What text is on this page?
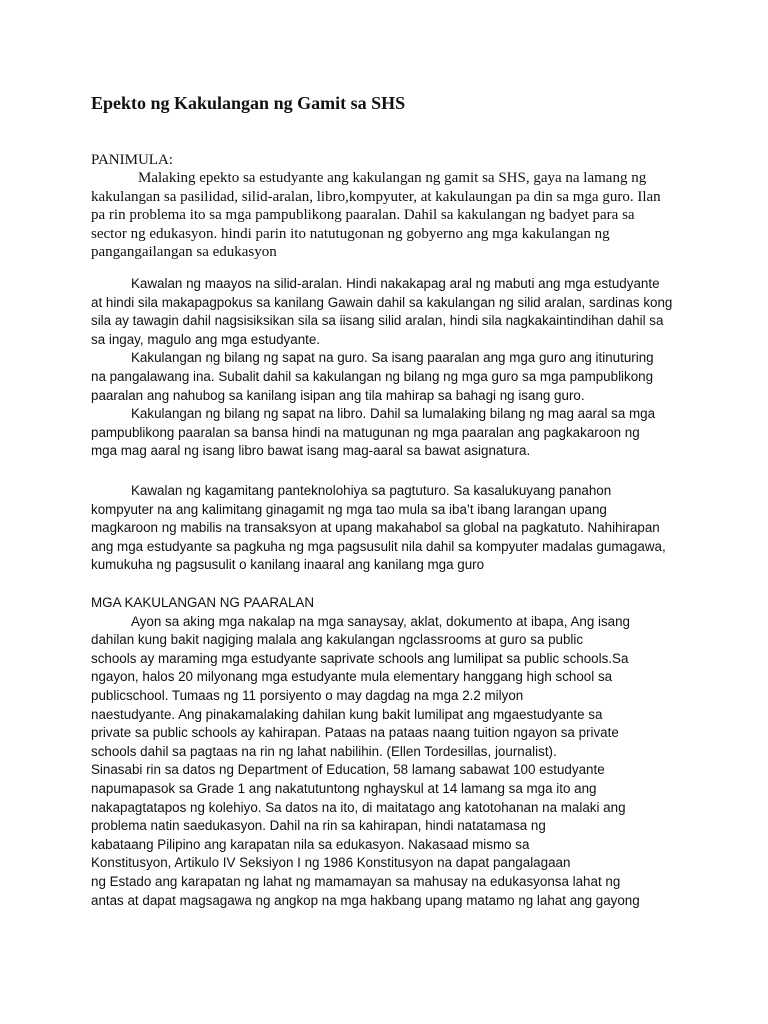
Epekto ng Kakulangan ng Gamit sa SHS
PANIMULA:
Malaking epekto sa estudyante ang kakulangan ng gamit sa SHS, gaya na lamang ng
kakulangan sa pasilidad, silid-aralan, libro,kompyuter, at kakulaungan pa din sa mga guro. Ilan
pa rin problema ito sa mga pampublikong paaralan. Dahil sa kakulangan ng badyet para sa
sector ng edukasyon. hindi parin ito natutugonan ng gobyerno ang mga kakulangan ng
pangangailangan sa edukasyon
Kawalan ng maayos na silid-aralan. Hindi nakakapag aral ng mabuti ang mga estudyante
at hindi sila makapagpokus sa kanilang Gawain dahil sa kakulangan ng silid aralan, sardinas kong
sila ay tawagin dahil nagsisiksikan sila sa iisang silid aralan, hindi sila nagkakaintindihan dahil sa
sa ingay, magulo ang mga estudyante.
Kakulangan ng bilang ng sapat na guro. Sa isang paaralan ang mga guro ang itinuturing
na pangalawang ina. Subalit dahil sa kakulangan ng bilang ng mga guro sa mga pampublikong
paaralan ang nahubog sa kanilang isipan ang tila mahirap sa bahagi ng isang guro.
Kakulangan ng bilang ng sapat na libro. Dahil sa lumalaking bilang ng mag aaral sa mga
pampublikong paaralan sa bansa hindi na matugunan ng mga paaralan ang pagkakaroon ng
mga mag aaral ng isang libro bawat isang mag-aaral sa bawat asignatura.
Kawalan ng kagamitang panteknolohiya sa pagtuturo. Sa kasalukuyang panahon
kompyuter na ang kalimitang ginagamit ng mga tao mula sa iba’t ibang larangan upang
magkaroon ng mabilis na transaksyon at upang makahabol sa global na pagkatuto. Nahihirapan
ang mga estudyante sa pagkuha ng mga pagsusulit nila dahil sa kompyuter madalas gumagawa,
kumukuha ng pagsusulit o kanilang inaaral ang kanilang mga guro
MGA KAKULANGAN NG PAARALAN
Ayon sa aking mga nakalap na mga sanaysay, aklat, dokumento at ibapa, Ang isang
dahilan kung bakit nagiging malala ang kakulangan ngclassrooms at guro sa public
schools ay maraming mga estudyante saprivate schools ang lumilipat sa public schools.Sa
ngayon, halos 20 milyonang mga estudyante mula elementary hanggang high school sa
publicschool. Tumaas ng 11 porsiyento o may dagdag na mga 2.2 milyon
naestudyante. Ang pinakamalaking dahilan kung bakit lumilipat ang mgaestudyante sa
private sa public schools ay kahirapan. Pataas na pataas naang tuition ngayon sa private
schools dahil sa pagtaas na rin ng lahat nabilihin. (Ellen Tordesillas, journalist).
Sinasabi rin sa datos ng Department of Education, 58 lamang sabawat 100 estudyante
napumapasok sa Grade 1 ang nakatutuntong nghayskul at 14 lamang sa mga ito ang
nakapagtatapos ng kolehiyo. Sa datos na ito, di maitatago ang katotohanan na malaki ang
problema natin saedukasyon. Dahil na rin sa kahirapan, hindi natatamasa ng
kabataang Pilipino ang karapatan nila sa edukasyon. Nakasaad mismo sa
Konstitusyon, Artikulo IV Seksiyon I ng 1986 Konstitusyon na dapat pangalagaan
ng Estado ang karapatan ng lahat ng mamamayan sa mahusay na edukasyonsa lahat ng
antas at dapat magsagawa ng angkop na mga hakbang upang matamo ng lahat ang gayong
